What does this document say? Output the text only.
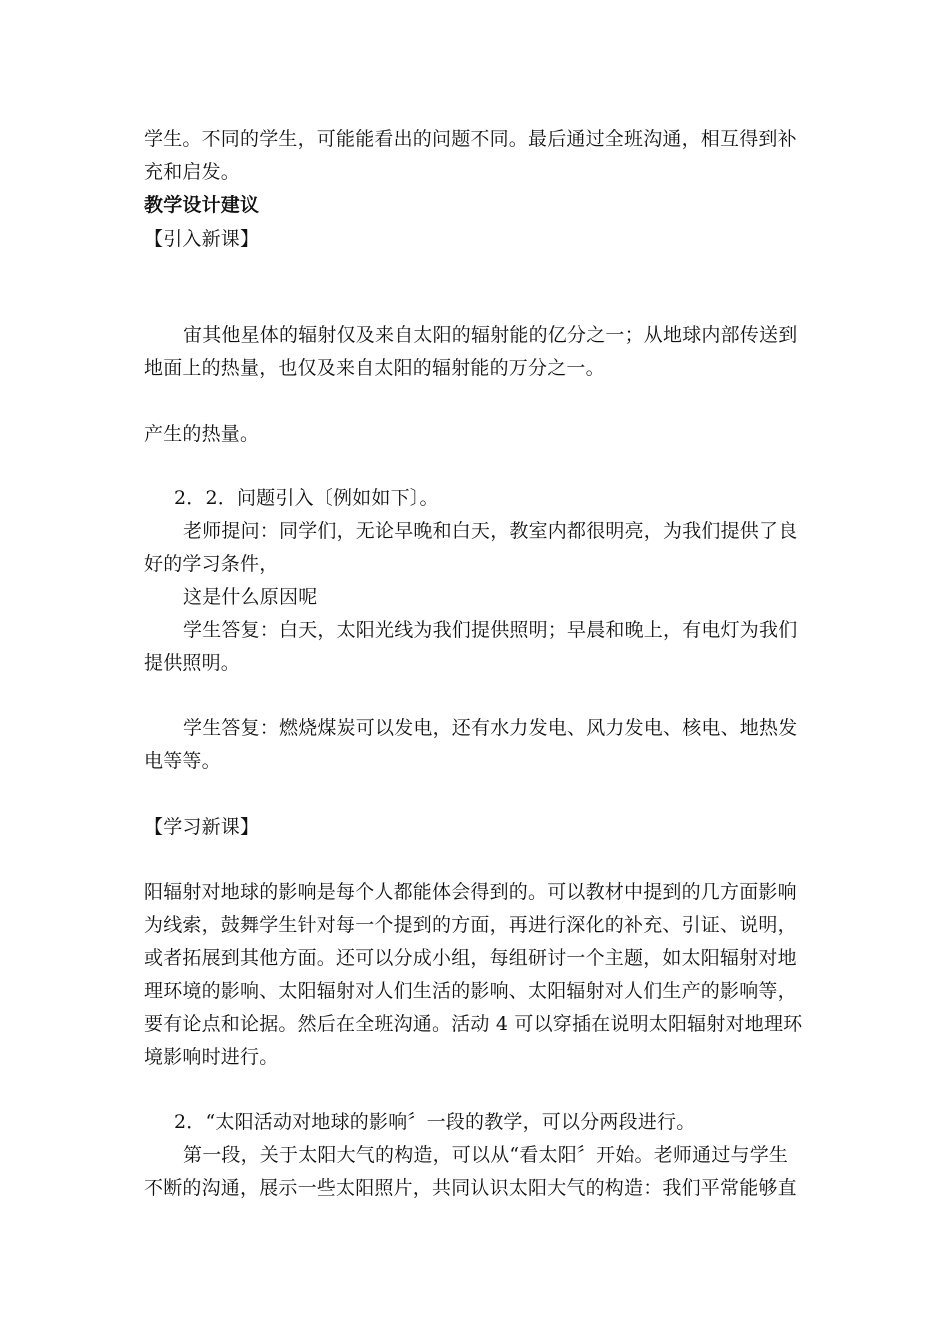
学生。不同的学生，可能能看出的问题不同。最后通过全班沟通，相互得到补
充和启发。
教学设计建议
【引入新课】
宙其他星体的辐射仅及来自太阳的辐射能的亿分之一；从地球内部传送到
地面上的热量，也仅及来自太阳的辐射能的万分之一。
产生的热量。
2．2．问题引入〔例如如下〕。
老师提问：同学们，无论早晚和白天，教室内都很明亮，为我们提供了良
好的学习条件，
这是什么原因呢
学生答复：白天，太阳光线为我们提供照明；早晨和晚上，有电灯为我们
提供照明。
学生答复：燃烧煤炭可以发电，还有水力发电、风力发电、核电、地热发
电等等。
【学习新课】
阳辐射对地球的影响是每个人都能体会得到的。可以教材中提到的几方面影响
为线索，鼓舞学生针对每一个提到的方面，再进行深化的补充、引证、说明，
或者拓展到其他方面。还可以分成小组，每组研讨一个主题，如太阳辐射对地
理环境的影响、太阳辐射对人们生活的影响、太阳辐射对人们生产的影响等，
要有论点和论据。然后在全班沟通。活动 4 可以穿插在说明太阳辐射对地理环
境影响时进行。
2．“太阳活动对地球的影响〞一段的教学，可以分两段进行。
第一段，关于太阳大气的构造，可以从“看太阳〞开始。老师通过与学生
不断的沟通，展示一些太阳照片，共同认识太阳大气的构造：我们平常能够直
